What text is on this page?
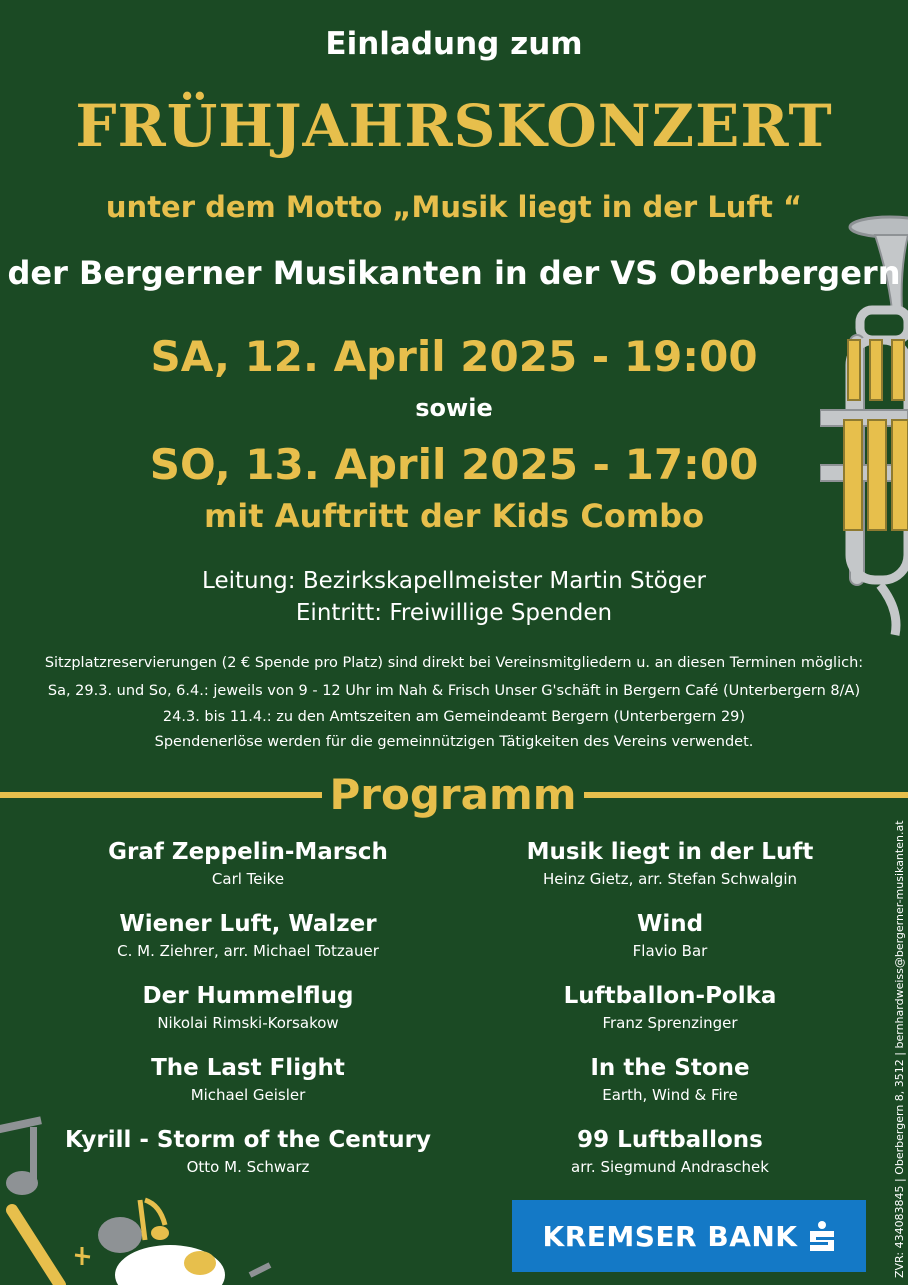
Einladung zum
FRÜHJAHRSKONZERT
unter dem Motto „Musik liegt in der Luft “
der Bergerner Musikanten in der VS Oberbergern
SA, 12. April 2025 - 19:00
sowie
SO, 13. April 2025 - 17:00
mit Auftritt der Kids Combo
Leitung: Bezirkskapellmeister Martin Stöger
Eintritt: Freiwillige Spenden
Sitzplatzreservierungen (2 € Spende pro Platz) sind direkt bei Vereinsmitgliedern u. an diesen Terminen möglich:
Sa, 29.3. und So, 6.4.: jeweils von 9 - 12 Uhr im Nah & Frisch Unser G'schäft in Bergern Café (Unterbergern 8/A)
24.3. bis 11.4.: zu den Amtszeiten am Gemeindeamt Bergern (Unterbergern 29)
Spendenerlöse werden für die gemeinnützigen Tätigkeiten des Vereins verwendet.
Programm
Graf Zeppelin-Marsch
Carl Teike
Wiener Luft, Walzer
C. M. Ziehrer, arr. Michael Totzauer
Der Hummelflug
Nikolai Rimski-Korsakow
The Last Flight
Michael Geisler
Kyrill - Storm of the Century
Otto M. Schwarz
Musik liegt in der Luft
Heinz Gietz, arr. Stefan Schwalgin
Wind
Flavio Bar
Luftballon-Polka
Franz Sprenzinger
In the Stone
Earth, Wind & Fire
99 Luftballons
arr. Siegmund Andraschek
KREMSER BANK	ZVR: 434083845 | Oberbergern 8, 3512 | bernhardweiss@bergerner-musikanten.at
